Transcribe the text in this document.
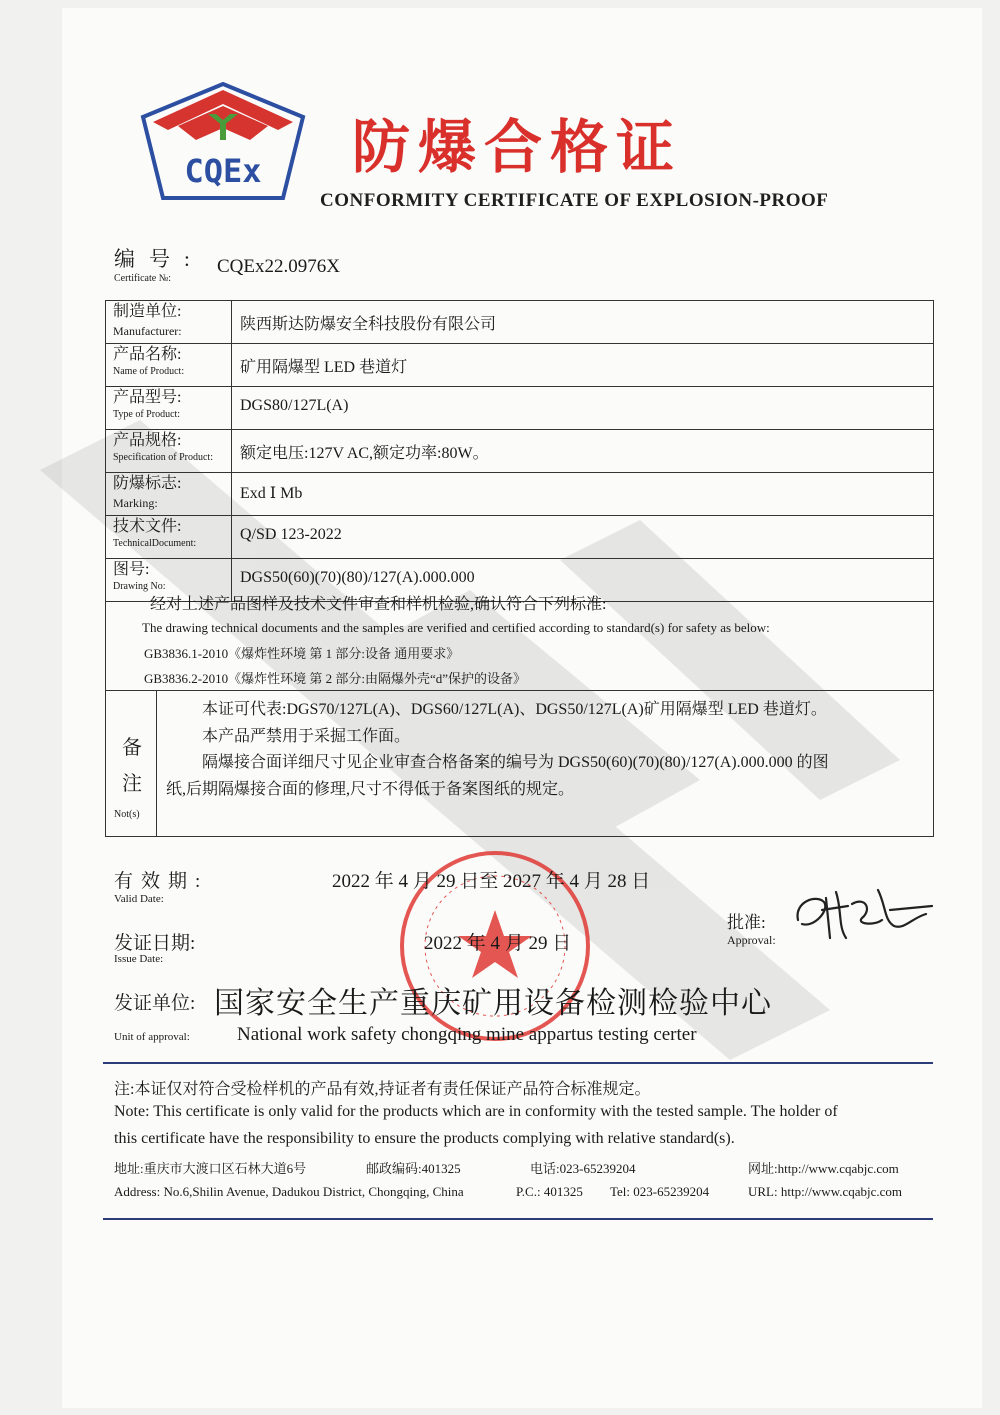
CQEx 防爆合格证
CONFORMITY CERTIFICATE OF EXPLOSION-PROOF
编号:
Certificate №:
CQEx22.0976X
制造单位:
Manufacturer:	陕西斯达防爆安全科技股份有限公司

产品名称:
Name of Product:	矿用隔爆型 LED 巷道灯

产品型号:
Type of Product:	DGS80/127L(A)

产品规格:
Specification of Product:	额定电压:127V AC,额定功率:80W。

防爆标志:
Marking:	Exd Ⅰ Mb

技术文件:
TechnicalDocument:	Q/SD 123-2022

图号:
Drawing No:	DGS50(60)(70)(80)/127(A).000.000
经对上述产品图样及技术文件审查和样机检验,确认符合下列标准:
The drawing technical documents and the samples are verified and certified according to standard(s) for safety as below:
GB3836.1-2010《爆炸性环境 第 1 部分:设备 通用要求》
GB3836.2-2010《爆炸性环境 第 2 部分:由隔爆外壳“d”保护的设备》
备
注
Not(s)
本证可代表:DGS70/127L(A)、DGS60/127L(A)、DGS50/127L(A)矿用隔爆型 LED 巷道灯。
本产品严禁用于采掘工作面。
隔爆接合面详细尺寸见企业审查合格备案的编号为 DGS50(60)(70)(80)/127(A).000.000 的图
纸,后期隔爆接合面的修理,尺寸不得低于备案图纸的规定。
有效期:
Valid Date:
2022 年 4 月 29 日至 2027 年 4 月 28 日
发证日期:
Issue Date:
2022 年 4 月 29 日
批准:
Approval:
发证单位: 国家安全生产重庆矿用设备检测检验中心
Unit of approval: National work safety chongqing mine appartus testing certer
注:本证仅对符合受检样机的产品有效,持证者有责任保证产品符合标准规定。
Note: This certificate is only valid for the products which are in conformity with the tested sample. The holder of
this certificate have the responsibility to ensure the products complying with relative standard(s).
地址:重庆市大渡口区石林大道6号	邮政编码:401325	电话:023-65239204	网址:http://www.cqabjc.com
Address: No.6,Shilin Avenue, Dadukou District, Chongqing, China	P.C.: 401325 Tel: 023-65239204	URL: http://www.cqabjc.com
